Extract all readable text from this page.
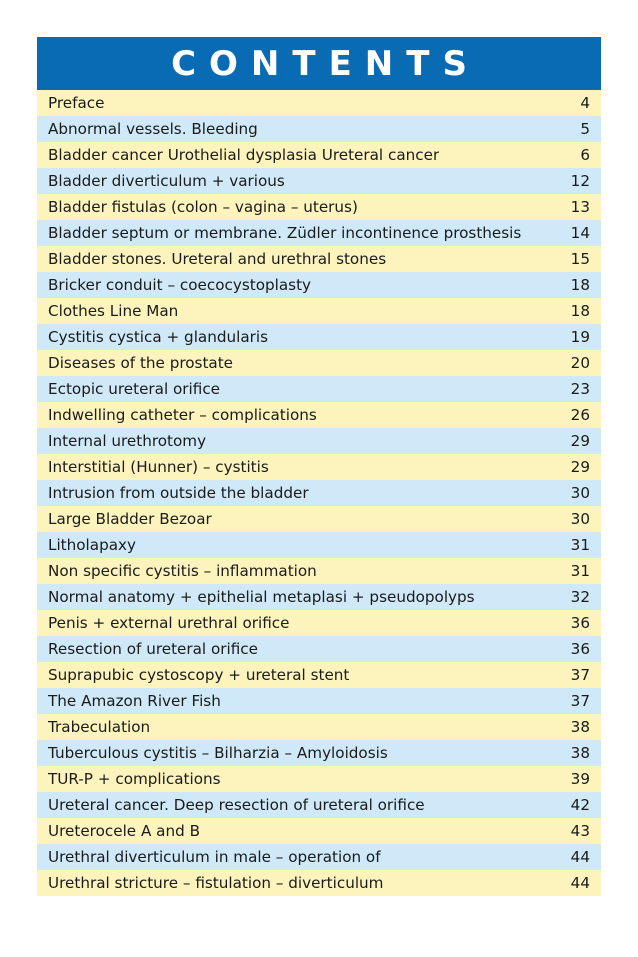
CONTENTS
Preface	4
Abnormal vessels. Bleeding	5
Bladder cancer Urothelial dysplasia Ureteral cancer	6
Bladder diverticulum + various	12
Bladder fistulas (colon – vagina – uterus)	13
Bladder septum or membrane. Züdler incontinence prosthesis	14
Bladder stones. Ureteral and urethral stones	15
Bricker conduit – coecocystoplasty	18
Clothes Line Man	18
Cystitis cystica + glandularis	19
Diseases of the prostate	20
Ectopic ureteral orifice	23
Indwelling catheter – complications	26
Internal urethrotomy	29
Interstitial (Hunner) – cystitis	29
Intrusion from outside the bladder	30
Large Bladder Bezoar	30
Litholapaxy	31
Non specific cystitis – inflammation	31
Normal anatomy + epithelial metaplasi + pseudopolyps	32
Penis + external urethral orifice	36
Resection of ureteral orifice	36
Suprapubic cystoscopy + ureteral stent	37
The Amazon River Fish	37
Trabeculation	38
Tuberculous cystitis – Bilharzia – Amyloidosis	38
TUR-P + complications	39
Ureteral cancer. Deep resection of ureteral orifice	42
Ureterocele A and B	43
Urethral diverticulum in male – operation of	44
Urethral stricture – fistulation – diverticulum	44
